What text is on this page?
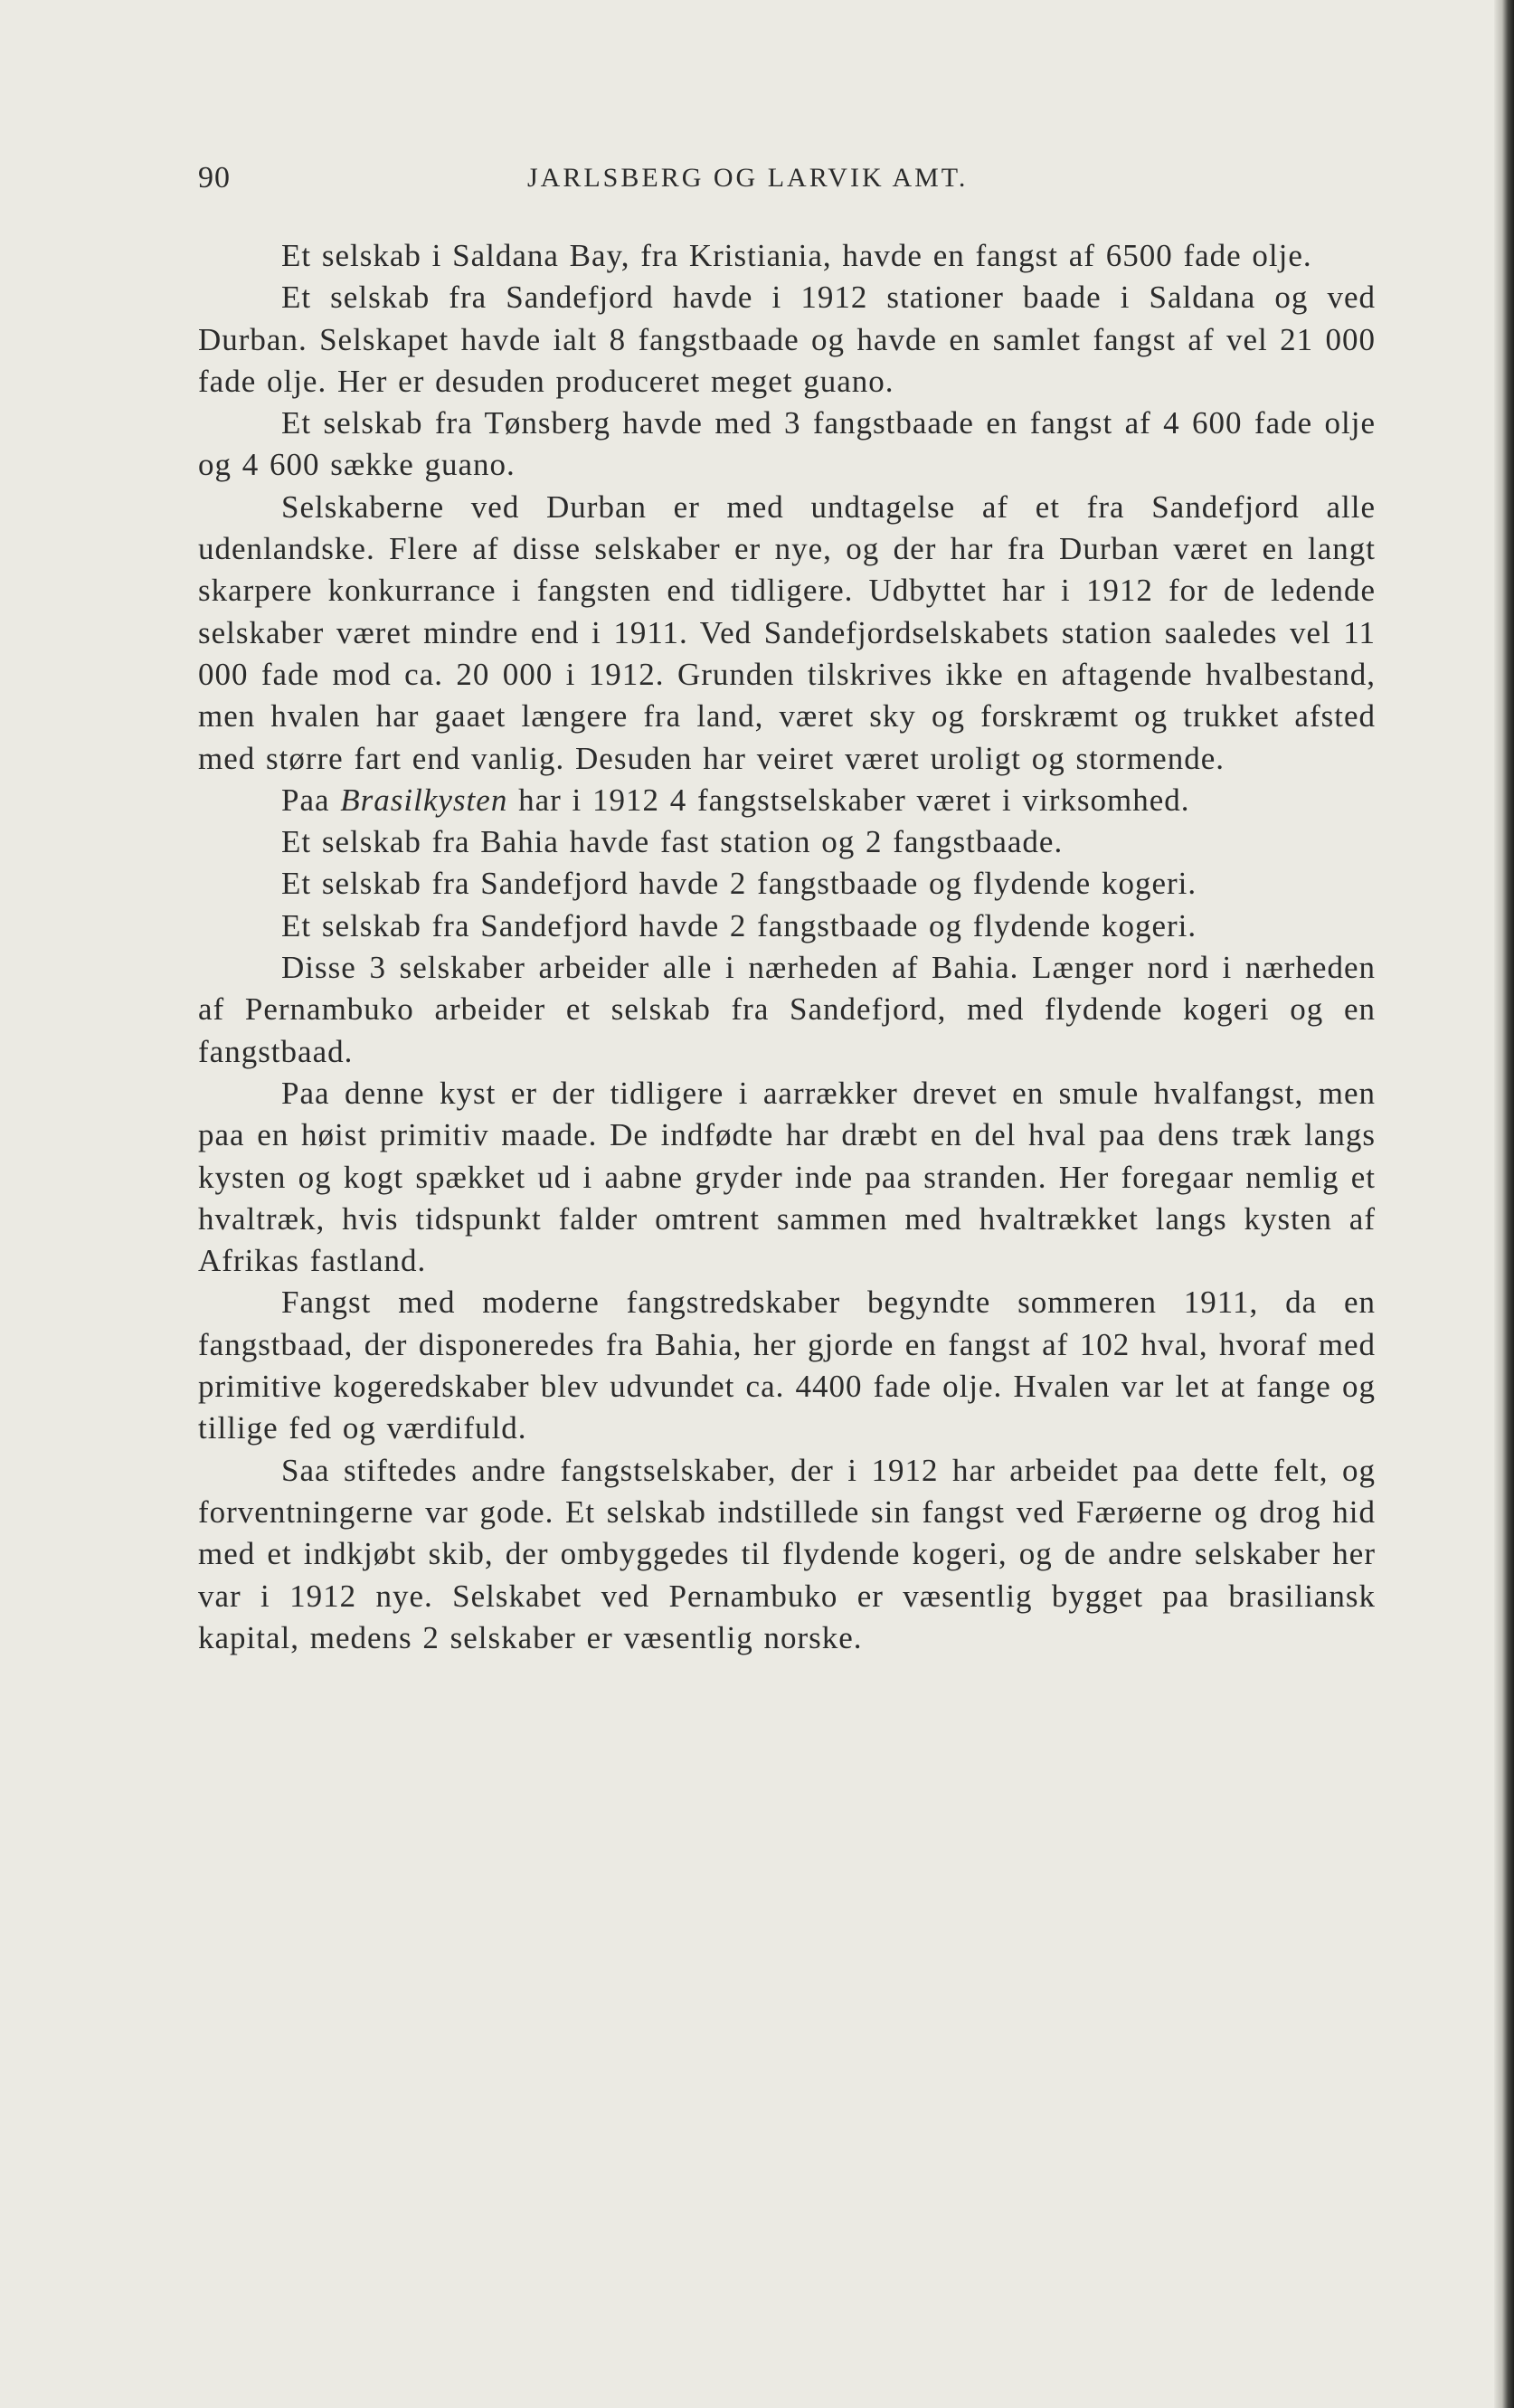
90	JARLSBERG OG LARVIK AMT.

Et selskab i Saldana Bay, fra Kristiania, havde en fangst af 6500 fade olje.

Et selskab fra Sandefjord havde i 1912 stationer baade i Saldana og ved Durban. Selskapet havde ialt 8 fangstbaade og havde en samlet fangst af vel 21 000 fade olje. Her er desuden produceret meget guano.

Et selskab fra Tønsberg havde med 3 fangstbaade en fangst af 4 600 fade olje og 4 600 sække guano.

Selskaberne ved Durban er med undtagelse af et fra Sandefjord alle udenlandske. Flere af disse selskaber er nye, og der har fra Durban været en langt skarpere konkurrance i fangsten end tidligere. Udbyttet har i 1912 for de ledende selskaber været mindre end i 1911. Ved Sandefjordselskabets station saaledes vel 11 000 fade mod ca. 20 000 i 1912. Grunden tilskrives ikke en aftagende hvalbestand, men hvalen har gaaet længere fra land, været sky og forskræmt og trukket afsted med større fart end vanlig. Desuden har veiret været uroligt og stormende.

Paa Brasilkysten har i 1912 4 fangstselskaber været i virksomhed.

Et selskab fra Bahia havde fast station og 2 fangstbaade.

Et selskab fra Sandefjord havde 2 fangstbaade og flydende kogeri.

Et selskab fra Sandefjord havde 2 fangstbaade og flydende kogeri.

Disse 3 selskaber arbeider alle i nærheden af Bahia. Længer nord i nærheden af Pernambuko arbeider et selskab fra Sandefjord, med flydende kogeri og en fangstbaad.

Paa denne kyst er der tidligere i aarrækker drevet en smule hvalfangst, men paa en høist primitiv maade. De indfødte har dræbt en del hval paa dens træk langs kysten og kogt spækket ud i aabne gryder inde paa stranden. Her foregaar nemlig et hvaltræk, hvis tidspunkt falder omtrent sammen med hvaltrækket langs kysten af Afrikas fastland.

Fangst med moderne fangstredskaber begyndte sommeren 1911, da en fangstbaad, der disponeredes fra Bahia, her gjorde en fangst af 102 hval, hvoraf med primitive kogeredskaber blev udvundet ca. 4400 fade olje. Hvalen var let at fange og tillige fed og værdifuld.

Saa stiftedes andre fangstselskaber, der i 1912 har arbeidet paa dette felt, og forventningerne var gode. Et selskab indstillede sin fangst ved Færøerne og drog hid med et indkjøbt skib, der ombyggedes til flydende kogeri, og de andre selskaber her var i 1912 nye. Selskabet ved Pernambuko er væsentlig bygget paa brasiliansk kapital, medens 2 selskaber er væsentlig norske.
